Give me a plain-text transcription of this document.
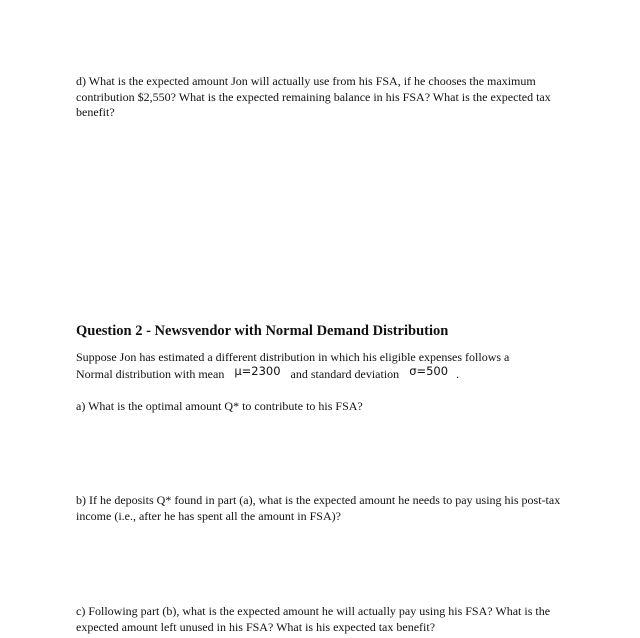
d) What is the expected amount Jon will actually use from his FSA, if he chooses the maximum contribution $2,550? What is the expected remaining balance in his FSA? What is the expected tax benefit?

Question 2 - Newsvendor with Normal Demand Distribution

Suppose Jon has estimated a different distribution in which his eligible expenses follows a

Normal distribution with mean μ=2300 and standard deviation σ=500 .

a) What is the optimal amount Q* to contribute to his FSA?

b) If he deposits Q* found in part (a), what is the expected amount he needs to pay using his post-tax income (i.e., after he has spent all the amount in FSA)?

c) Following part (b), what is the expected amount he will actually pay using his FSA? What is the expected amount left unused in his FSA? What is his expected tax benefit?
